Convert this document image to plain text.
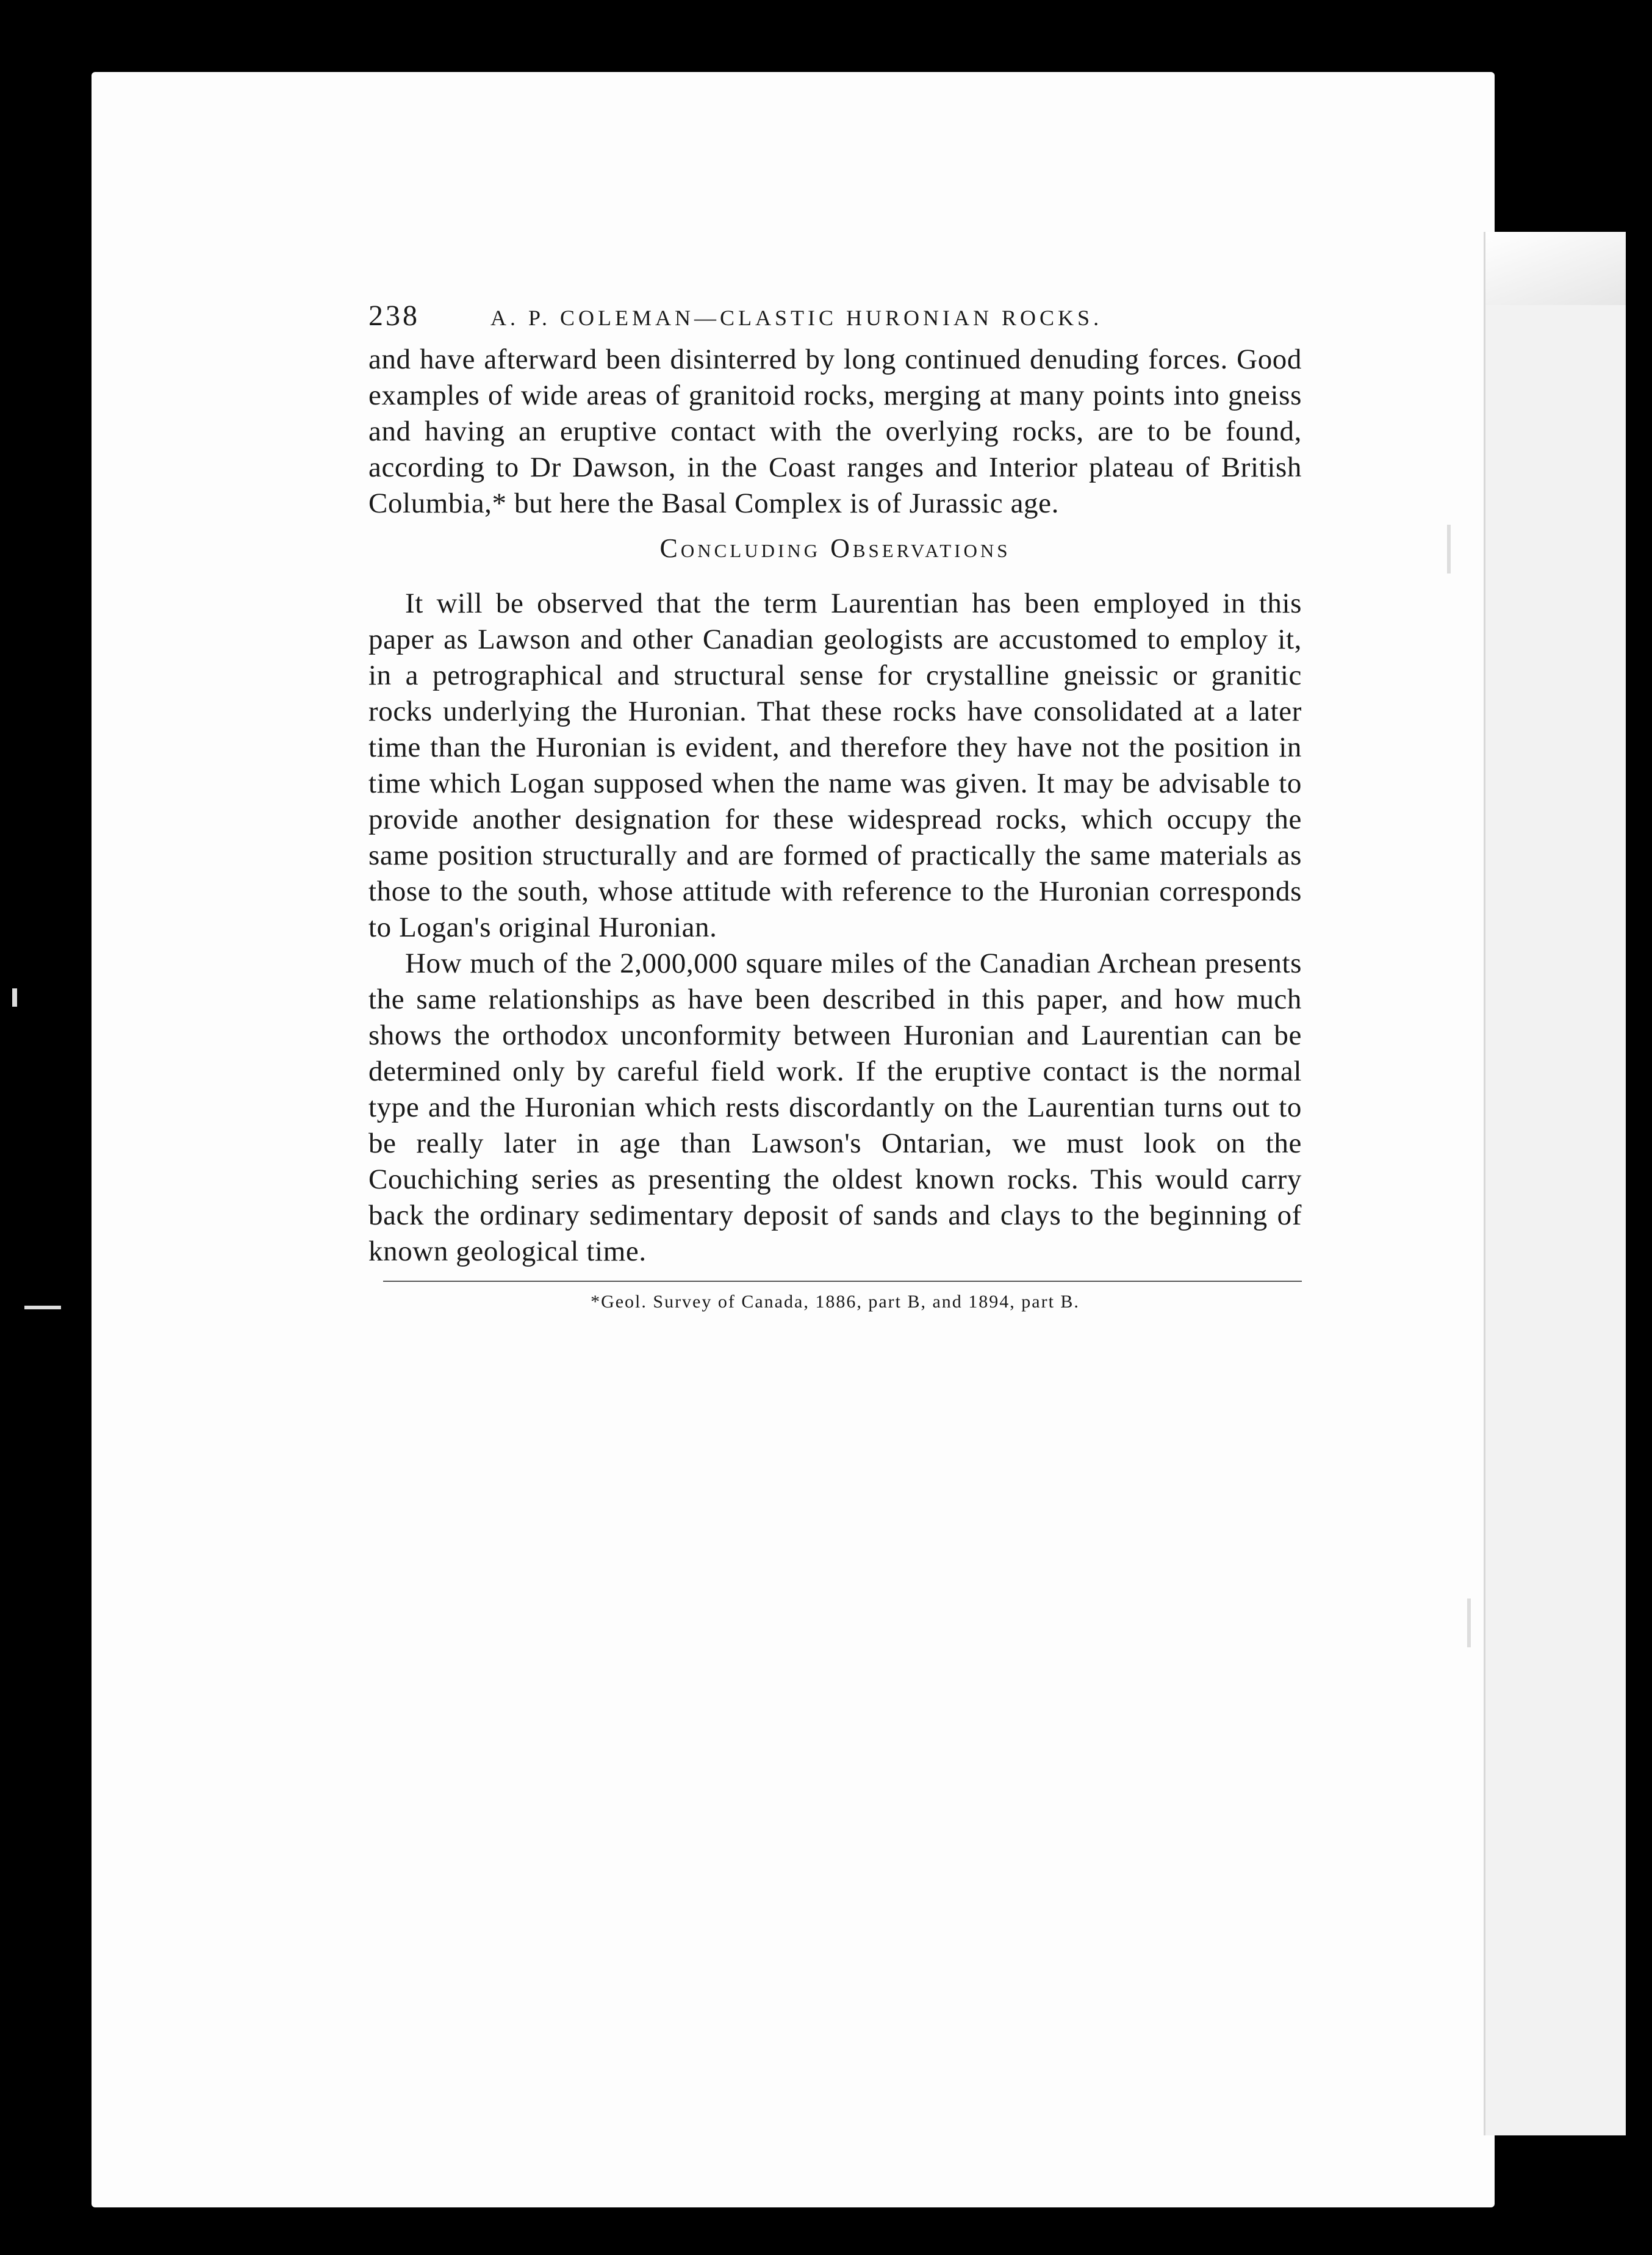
238	A. P. COLEMAN—CLASTIC HURONIAN ROCKS.

and have afterward been disinterred by long continued denuding forces. Good examples of wide areas of granitoid rocks, merging at many points into gneiss and having an eruptive contact with the overlying rocks, are to be found, according to Dr Dawson, in the Coast ranges and Interior plateau of British Columbia,* but here the Basal Complex is of Jurassic age.

Concluding Observations

It will be observed that the term Laurentian has been employed in this paper as Lawson and other Canadian geologists are accustomed to employ it, in a petrographical and structural sense for crystalline gneissic or granitic rocks underlying the Huronian. That these rocks have consolidated at a later time than the Huronian is evident, and therefore they have not the position in time which Logan supposed when the name was given. It may be advisable to provide another designation for these widespread rocks, which occupy the same position structurally and are formed of practically the same materials as those to the south, whose attitude with reference to the Huronian corresponds to Logan's original Huronian.

How much of the 2,000,000 square miles of the Canadian Archean presents the same relationships as have been described in this paper, and how much shows the orthodox unconformity between Huronian and Laurentian can be determined only by careful field work. If the eruptive contact is the normal type and the Huronian which rests discordantly on the Laurentian turns out to be really later in age than Lawson's Ontarian, we must look on the Couchiching series as presenting the oldest known rocks. This would carry back the ordinary sedimentary deposit of sands and clays to the beginning of known geological time.

*Geol. Survey of Canada, 1886, part B, and 1894, part B.
